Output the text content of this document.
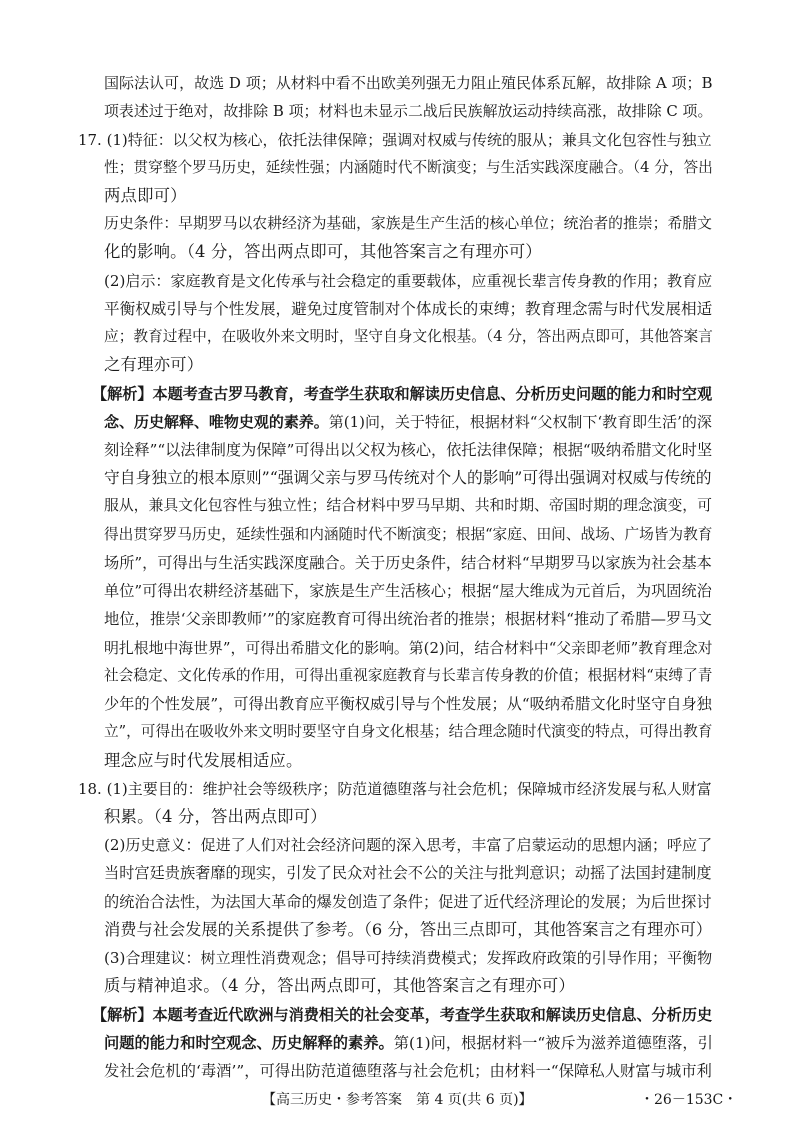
国际法认可，故选 D 项；从材料中看不出欧美列强无力阻止殖民体系瓦解，故排除 A 项；B
项表述过于绝对，故排除 B 项；材料也未显示二战后民族解放运动持续高涨，故排除 C 项。
17. (1)特征：以父权为核心，依托法律保障；强调对权威与传统的服从；兼具文化包容性与独立
性；贯穿整个罗马历史，延续性强；内涵随时代不断演变；与生活实践深度融合。（4 分，答出
两点即可）
历史条件：早期罗马以农耕经济为基础，家族是生产生活的核心单位；统治者的推崇；希腊文
化的影响。（4 分，答出两点即可，其他答案言之有理亦可）
(2)启示：家庭教育是文化传承与社会稳定的重要载体，应重视长辈言传身教的作用；教育应
平衡权威引导与个性发展，避免过度管制对个体成长的束缚；教育理念需与时代发展相适
应；教育过程中，在吸收外来文明时，坚守自身文化根基。（4 分，答出两点即可，其他答案言
之有理亦可）
【解析】本题考查古罗马教育，考查学生获取和解读历史信息、分析历史问题的能力和时空观
念、历史解释、唯物史观的素养。第(1)问，关于特征，根据材料“父权制下‘教育即生活’的深
刻诠释”“以法律制度为保障”可得出以父权为核心，依托法律保障；根据“吸纳希腊文化时坚
守自身独立的根本原则”“强调父亲与罗马传统对个人的影响”可得出强调对权威与传统的
服从，兼具文化包容性与独立性；结合材料中罗马早期、共和时期、帝国时期的理念演变，可
得出贯穿罗马历史，延续性强和内涵随时代不断演变；根据“家庭、田间、战场、广场皆为教育
场所”，可得出与生活实践深度融合。关于历史条件，结合材料“早期罗马以家族为社会基本
单位”可得出农耕经济基础下，家族是生产生活核心；根据“屋大维成为元首后，为巩固统治
地位，推崇‘父亲即教师’”的家庭教育可得出统治者的推崇；根据材料“推动了希腊—罗马文
明扎根地中海世界”，可得出希腊文化的影响。第(2)问，结合材料中“父亲即老师”教育理念对
社会稳定、文化传承的作用，可得出重视家庭教育与长辈言传身教的价值；根据材料“束缚了青
少年的个性发展”，可得出教育应平衡权威引导与个性发展；从“吸纳希腊文化时坚守自身独
立”，可得出在吸收外来文明时要坚守自身文化根基；结合理念随时代演变的特点，可得出教育
理念应与时代发展相适应。
18. (1)主要目的：维护社会等级秩序；防范道德堕落与社会危机；保障城市经济发展与私人财富
积累。（4 分，答出两点即可）
(2)历史意义：促进了人们对社会经济问题的深入思考，丰富了启蒙运动的思想内涵；呼应了
当时宫廷贵族奢靡的现实，引发了民众对社会不公的关注与批判意识；动摇了法国封建制度
的统治合法性，为法国大革命的爆发创造了条件；促进了近代经济理论的发展；为后世探讨
消费与社会发展的关系提供了参考。（6 分，答出三点即可，其他答案言之有理亦可）
(3)合理建议：树立理性消费观念；倡导可持续消费模式；发挥政府政策的引导作用；平衡物
质与精神追求。（4 分，答出两点即可，其他答案言之有理亦可）
【解析】本题考查近代欧洲与消费相关的社会变革，考查学生获取和解读历史信息、分析历史
问题的能力和时空观念、历史解释的素养。第(1)问，根据材料一“被斥为滋养道德堕落，引
发社会危机的‘毒酒’”，可得出防范道德堕落与社会危机；由材料一“保障私人财富与城市利
【高三历史・参考答案　第 4 页(共 6 页)】	・26－153C・
